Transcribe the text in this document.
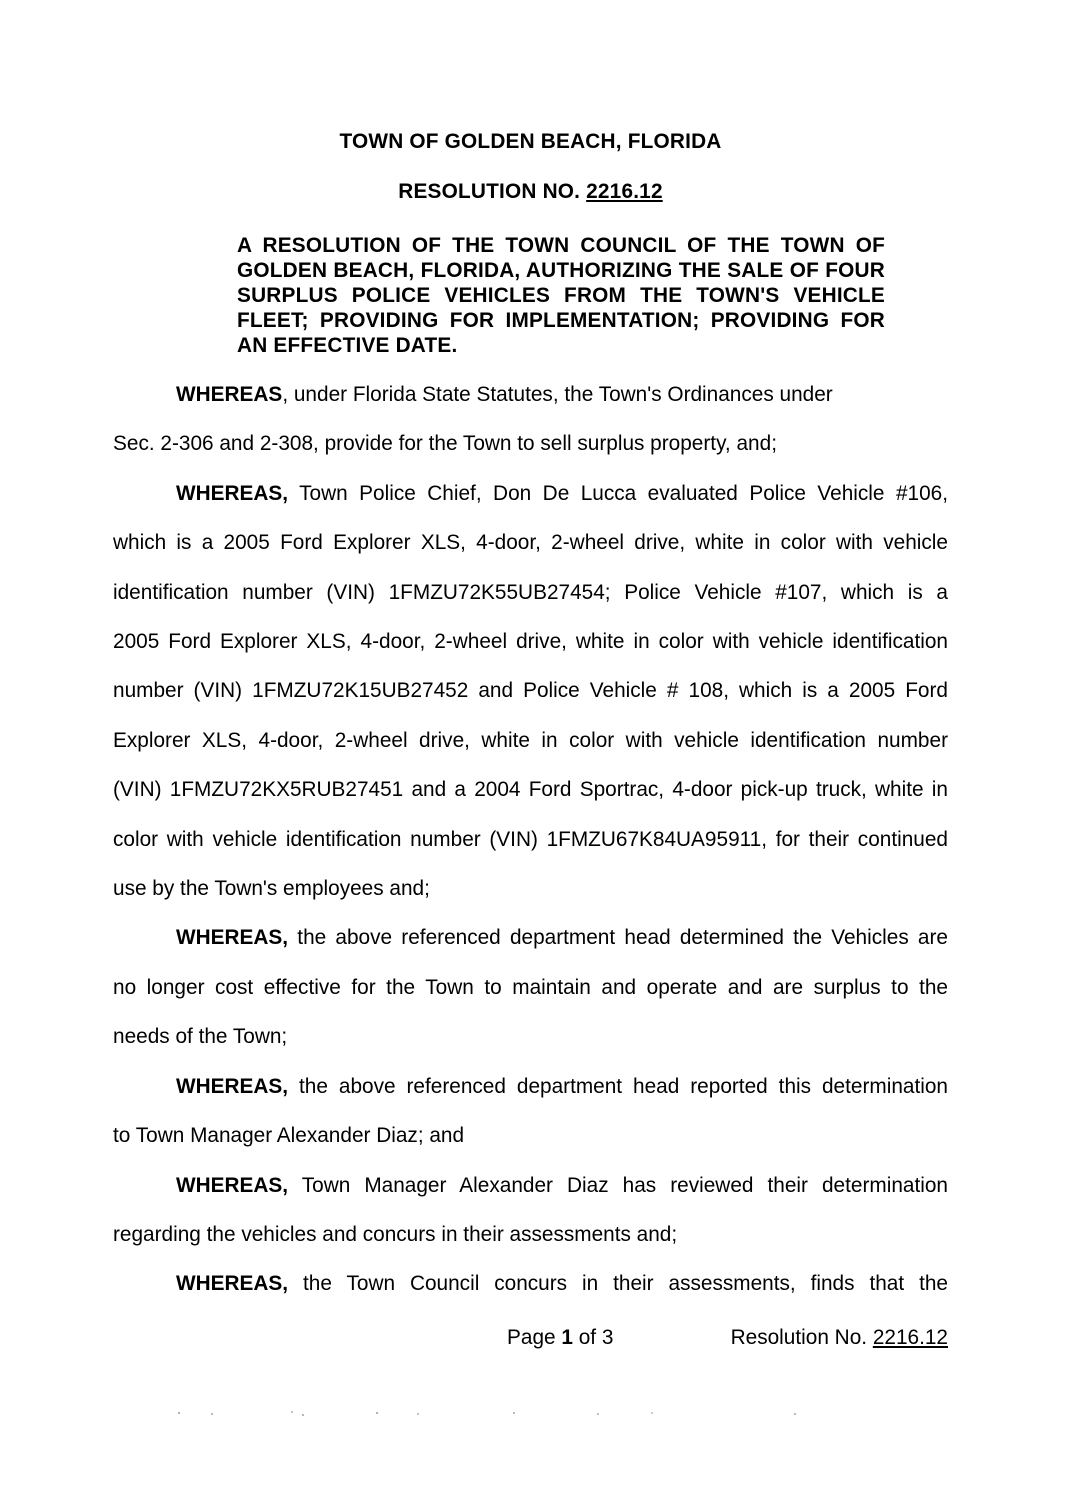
TOWN OF GOLDEN BEACH, FLORIDA
RESOLUTION NO. 2216.12
A RESOLUTION OF THE TOWN COUNCIL OF THE TOWN OF
GOLDEN BEACH, FLORIDA, AUTHORIZING THE SALE OF FOUR
SURPLUS POLICE VEHICLES FROM THE TOWN'S VEHICLE
FLEET; PROVIDING FOR IMPLEMENTATION; PROVIDING FOR
AN EFFECTIVE DATE.
WHEREAS, under Florida State Statutes, the Town's Ordinances under
Sec. 2-306 and 2-308, provide for the Town to sell surplus property, and;
WHEREAS, Town Police Chief, Don De Lucca evaluated Police Vehicle #106,
which is a 2005 Ford Explorer XLS, 4-door, 2-wheel drive, white in color with vehicle
identification number (VIN) 1FMZU72K55UB27454; Police Vehicle #107, which is a
2005 Ford Explorer XLS, 4-door, 2-wheel drive, white in color with vehicle identification
number (VIN) 1FMZU72K15UB27452 and Police Vehicle # 108, which is a 2005 Ford
Explorer XLS, 4-door, 2-wheel drive, white in color with vehicle identification number
(VIN) 1FMZU72KX5RUB27451 and a 2004 Ford Sportrac, 4-door pick-up truck, white in
color with vehicle identification number (VIN) 1FMZU67K84UA95911, for their continued
use by the Town's employees and;
WHEREAS, the above referenced department head determined the Vehicles are
no longer cost effective for the Town to maintain and operate and are surplus to the
needs of the Town;
WHEREAS, the above referenced department head reported this determination
to Town Manager Alexander Diaz; and
WHEREAS, Town Manager Alexander Diaz has reviewed their determination
regarding the vehicles and concurs in their assessments and;
WHEREAS, the Town Council concurs in their assessments, finds that the
Page 1 of 3	Resolution No. 2216.12
